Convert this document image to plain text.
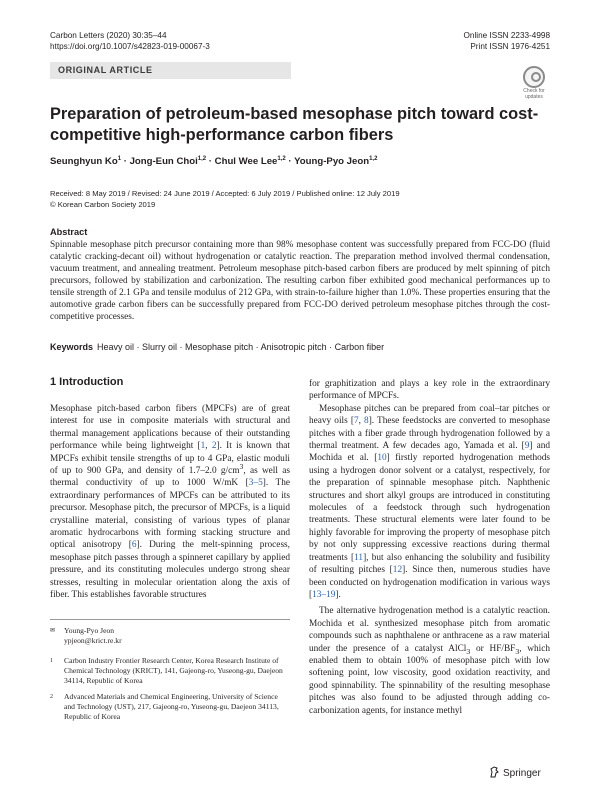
Carbon Letters (2020) 30:35–44
https://doi.org/10.1007/s42823-019-00067-3
Online ISSN 2233-4998
Print ISSN 1976-4251
ORIGINAL ARTICLE
Check for
updates
Preparation of petroleum-based mesophase pitch toward cost-competitive high-performance carbon fibers
Seunghyun $Ko^1$ · Jong-Eun Choi$^{1,2}$ · Chul Wee Lee$^{1,2}$ · Young-Pyo Jeon$^{1,2}$
Received: 8 May 2019 / Revised: 24 June 2019 / Accepted: 6 July 2019 / Published online: 12 July 2019
© Korean Carbon Society 2019
Abstract
Spinnable mesophase pitch precursor containing more than 98% mesophase content was successfully prepared from FCC-DO (fluid catalytic cracking-decant oil) without hydrogenation or catalytic reaction. The preparation method involved thermal condensation, vacuum treatment, and annealing treatment. Petroleum mesophase pitch-based carbon fibers are produced by melt spinning of pitch precursors, followed by stabilization and carbonization. The resulting carbon fiber exhibited good mechanical performances up to tensile strength of 2.1 GPa and tensile modulus of 212 GPa, with strain-to-failure higher than 1.0%. These properties ensuring that the automotive grade carbon fibers can be successfully prepared from FCC-DO derived petroleum mesophase pitches through the cost-competitive processes.
Keywords Heavy oil · Slurry oil · Mesophase pitch · Anisotropic pitch · Carbon fiber
1 Introduction

Mesophase pitch-based carbon fibers (MPCFs) are of great interest for use in composite materials with structural and thermal management applications because of their outstanding performance while being lightweight [1, 2]. It is known that MPCFs exhibit tensile strengths of up to 4 GPa, elastic moduli of up to 900 GPa, and density of 1.7–2.0 $g/cm^3$, as well as thermal conductivity of up to 1000 W/mK [3–5]. The extraordinary performances of MPCFs can be attributed to its precursor. Mesophase pitch, the precursor of MPCFs, is a liquid crystalline material, consisting of various types of planar aromatic hydrocarbons with forming stacking structure and optical anisotropy [6]. During the melt-spinning process, mesophase pitch passes through a spinneret capillary by applied pressure, and its constituting molecules undergo strong shear stresses, resulting in molecular orientation along the axis of fiber. This establishes favorable structures

✉ Young-Pyo Jeon
ypjeon@krict.re.kr
1 Carbon Industry Frontier Research Center, Korea Research Institute of Chemical Technology (KRICT), 141, Gajeong-ro, Yuseong-gu, Daejeon 34114, Republic of Korea
2 Advanced Materials and Chemical Engineering, University of Science and Technology (UST), 217, Gajeong-ro, Yuseong-gu, Daejeon 34113, Republic of Korea

for graphitization and plays a key role in the extraordinary performance of MPCFs.

Mesophase pitches can be prepared from coal–tar pitches or heavy oils [7, 8]. These feedstocks are converted to mesophase pitches with a fiber grade through hydrogenation followed by a thermal treatment. A few decades ago, Yamada et al. [9] and Mochida et al. [10] firstly reported hydrogenation methods using a hydrogen donor solvent or a catalyst, respectively, for the preparation of spinnable mesophase pitch. Naphthenic structures and short alkyl groups are introduced in constituting molecules of a feedstock through such hydrogenation treatments. These structural elements were later found to be highly favorable for improving the property of mesophase pitch by not only suppressing excessive reactions during thermal treatments [11], but also enhancing the solubility and fusibility of resulting pitches [12]. Since then, numerous studies have been conducted on hydrogenation modification in various ways [13–19].

The alternative hydrogenation method is a catalytic reaction. Mochida et al. synthesized mesophase pitch from aromatic compounds such as naphthalene or anthracene as a raw material under the presence of a catalyst AlCl$_3$ or $HF/BF_3$, which enabled them to obtain 100% of mesophase pitch with low softening point, low viscosity, good oxidation reactivity, and good spinnability. The spinnability of the resulting mesophase pitches was also found to be adjusted through adding co-carbonization agents, for instance methyl

Springer
